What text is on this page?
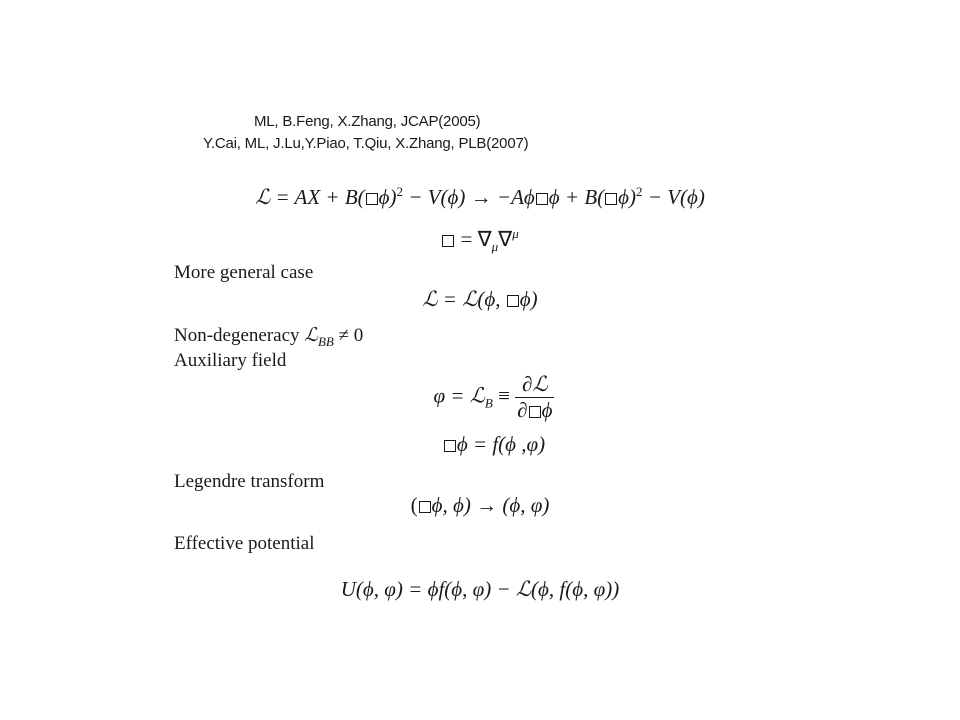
ML, B.Feng, X.Zhang, JCAP(2005)
Y.Cai, ML, J.Lu,Y.Piao, T.Qiu, X.Zhang, PLB(2007)
ℒ = AX + B( ϕ)$^2$ − V(ϕ) → −Aϕ ϕ + B( ϕ)$^2$ − V(ϕ)
= $\nabla_\mu\nabla^\mu$
More general case
ℒ = ℒ(ϕ, ϕ)
Non-degeneracy ℒ$_{BB}$ ≠ 0
Auxiliary field
φ = ℒ$_B$ ≡ $\frac{\text{∂ℒ}}{\partial \phi}$
ϕ = f(ϕ ,φ)
Legendre transform
( ϕ, ϕ) → (ϕ, φ)
Effective potential
U(ϕ, φ) = ϕf(ϕ, φ) − ℒ(ϕ, f(ϕ, φ))
